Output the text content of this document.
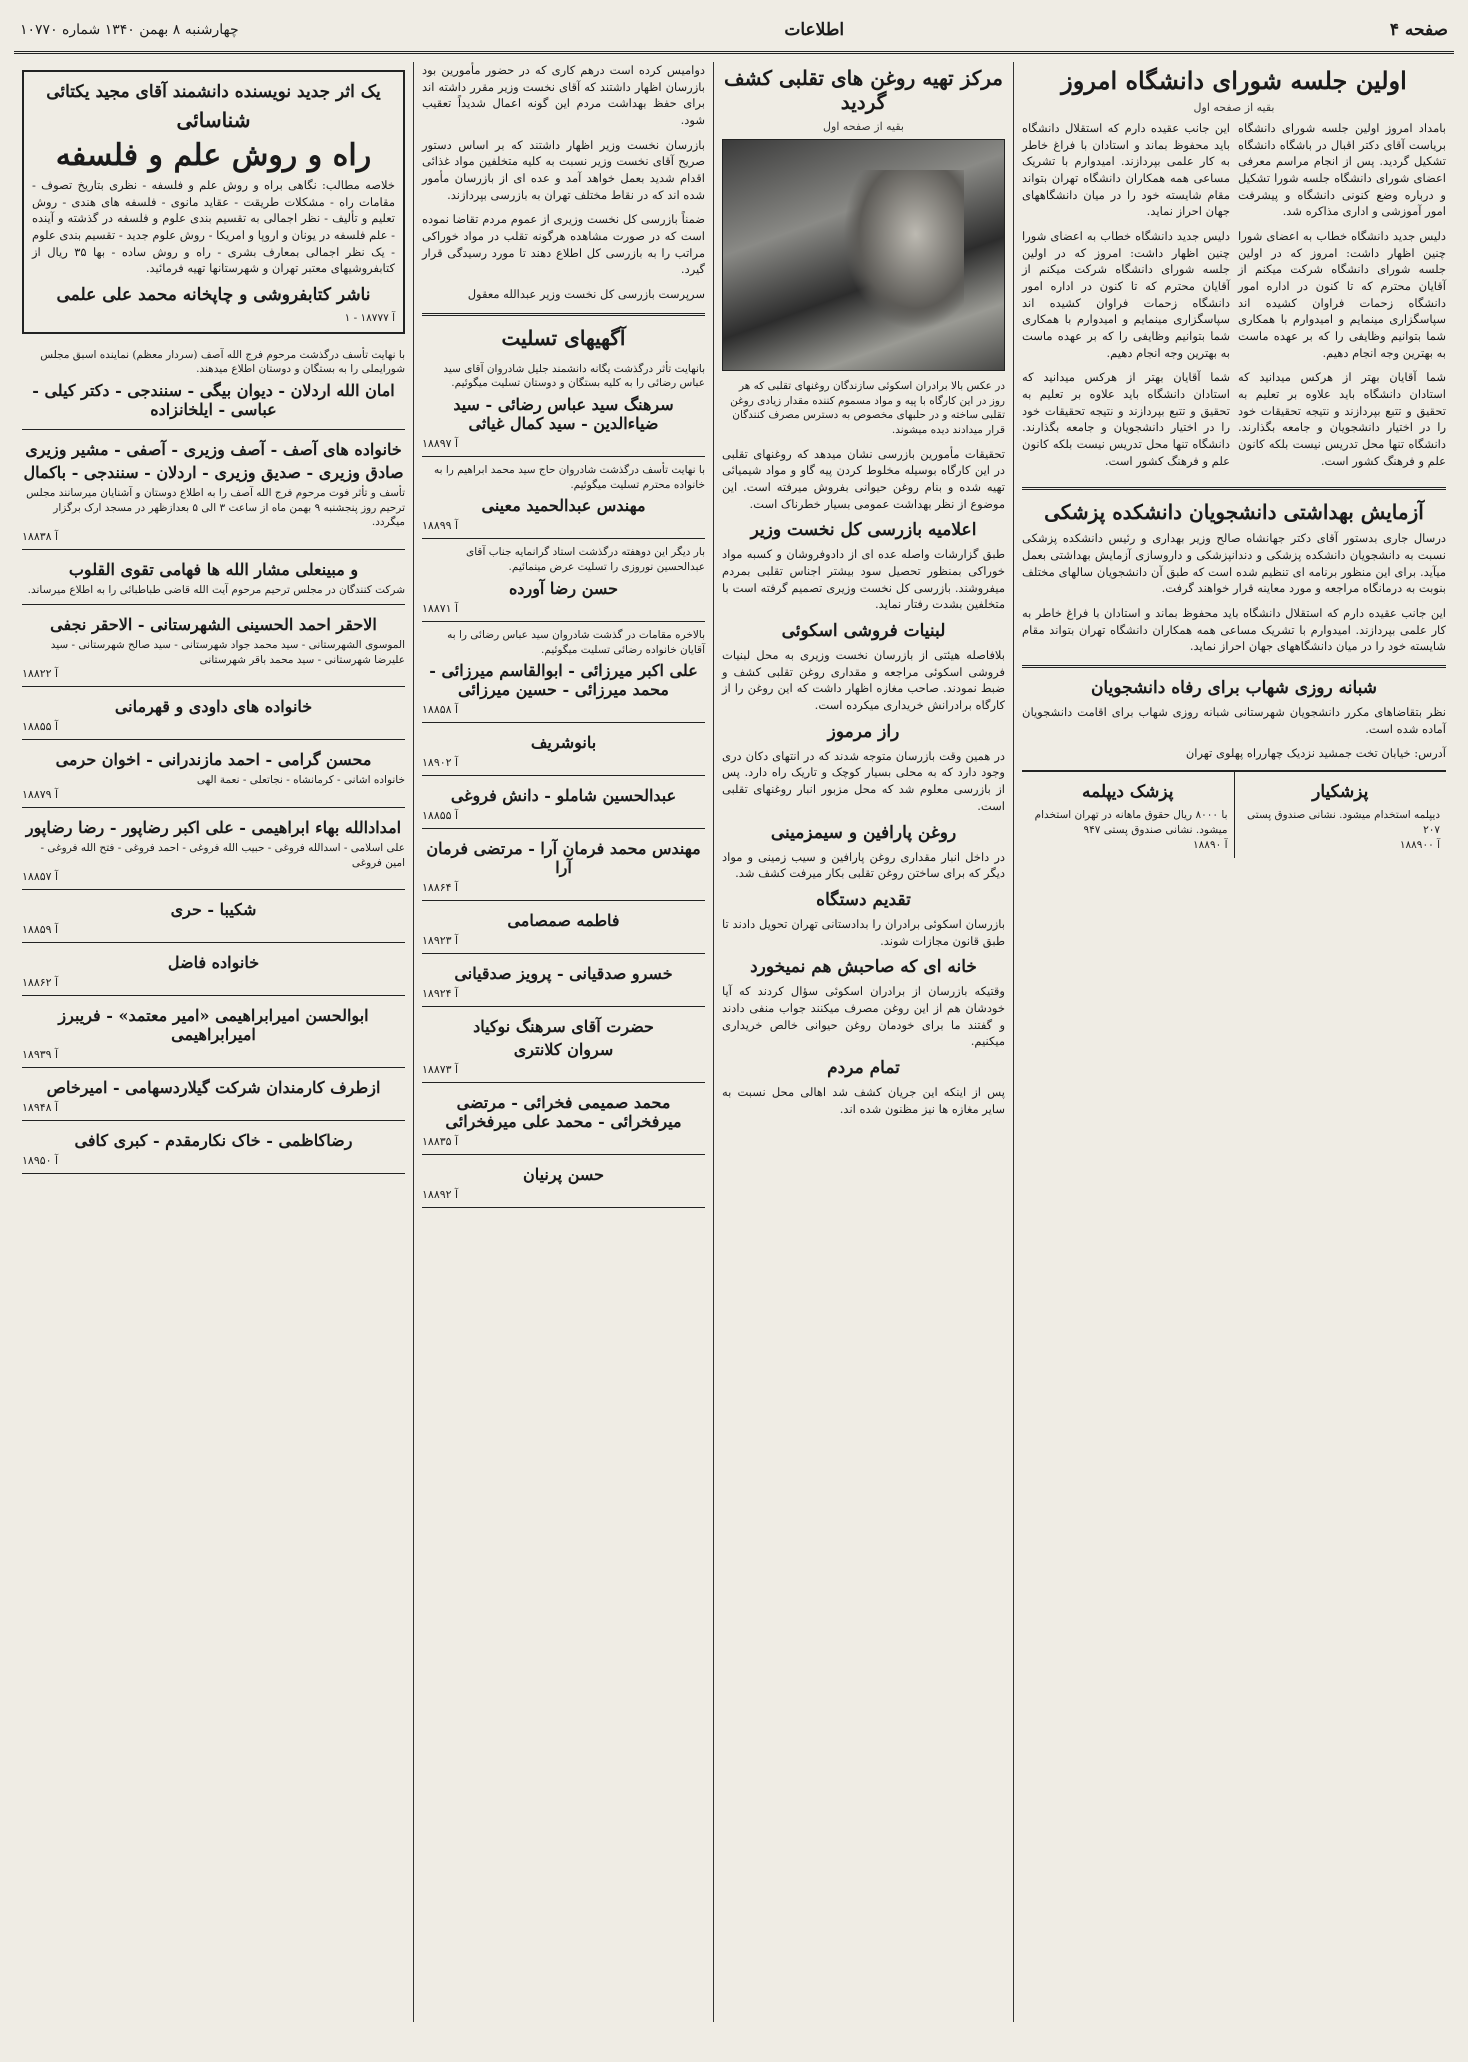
صفحه ۴
اطلاعات
چهارشنبه ۸ بهمن ۱۳۴۰ شماره ۱۰۷۷۰
اولین جلسه شورای دانشگاه امروز
بقیه از صفحه اول

بامداد امروز اولین جلسه شورای دانشگاه بریاست آقای دکتر اقبال در باشگاه دانشگاه تشکیل گردید. پس از انجام مراسم معرفی اعضای شورای دانشگاه جلسه شورا تشکیل و درباره وضع کنونی دانشگاه و پیشرفت امور آموزشی و اداری مذاکره شد.

دلیس جدید دانشگاه خطاب به اعضای شورا چنین اظهار داشت: امروز که در اولین جلسه شورای دانشگاه شرکت میکنم از آقایان محترم که تا کنون در اداره امور دانشگاه زحمات فراوان کشیده اند سپاسگزاری مینمایم و امیدوارم با همکاری شما بتوانیم وظایفی را که بر عهده ماست به بهترین وجه انجام دهیم.

شما آقایان بهتر از هرکس میدانید که استادان دانشگاه باید علاوه بر تعلیم به تحقیق و تتبع بپردازند و نتیجه تحقیقات خود را در اختیار دانشجویان و جامعه بگذارند. دانشگاه تنها محل تدریس نیست بلکه کانون علم و فرهنگ کشور است.

این جانب عقیده دارم که استقلال دانشگاه باید محفوظ بماند و استادان با فراغ خاطر به کار علمی بپردازند. امیدوارم با تشریک مساعی همه همکاران دانشگاه تهران بتواند مقام شایسته خود را در میان دانشگاههای جهان احراز نماید.

دلیس جدید دانشگاه خطاب به اعضای شورا چنین اظهار داشت: امروز که در اولین جلسه شورای دانشگاه شرکت میکنم از آقایان محترم که تا کنون در اداره امور دانشگاه زحمات فراوان کشیده اند سپاسگزاری مینمایم و امیدوارم با همکاری شما بتوانیم وظایفی را که بر عهده ماست به بهترین وجه انجام دهیم.

شما آقایان بهتر از هرکس میدانید که استادان دانشگاه باید علاوه بر تعلیم به تحقیق و تتبع بپردازند و نتیجه تحقیقات خود را در اختیار دانشجویان و جامعه بگذارند. دانشگاه تنها محل تدریس نیست بلکه کانون علم و فرهنگ کشور است.

آزمایش بهداشتی دانشجویان دانشکده پزشکی

درسال جاری بدستور آقای دکتر جهانشاه صالح وزیر بهداری و رئیس دانشکده پزشکی نسبت به دانشجویان دانشکده پزشکی و دندانپزشکی و داروسازی آزمایش بهداشتی بعمل میآید. برای این منظور برنامه ای تنظیم شده است که طبق آن دانشجویان سالهای مختلف بنوبت به درمانگاه مراجعه و مورد معاینه قرار خواهند گرفت.

این جانب عقیده دارم که استقلال دانشگاه باید محفوظ بماند و استادان با فراغ خاطر به کار علمی بپردازند. امیدوارم با تشریک مساعی همه همکاران دانشگاه تهران بتواند مقام شایسته خود را در میان دانشگاههای جهان احراز نماید.

شبانه روزی شهاب برای رفاه دانشجویان

نظر بتقاضاهای مکرر دانشجویان شهرستانی شبانه روزی شهاب برای اقامت دانشجویان آماده شده است.

آدرس: خیابان تخت جمشید نزدیک چهارراه پهلوی تهران

پزشکیار
دیپلمه استخدام میشود. نشانی صندوق پستی ۲۰۷
آ ۱۸۸۹۰۰
پزشک دیپلمه
با ۸۰۰۰ ریال حقوق ماهانه در تهران استخدام میشود. نشانی صندوق پستی ۹۴۷
آ ۱۸۸۹۰
مرکز تهیه روغن های تقلبی کشف گردید
بقیه از صفحه اول
در عکس بالا برادران اسکوئی سازندگان روغنهای تقلبی که هر روز در این کارگاه با پیه و مواد مسموم کننده مقدار زیادی روغن تقلبی ساخته و در حلبهای مخصوص به دسترس مصرف کنندگان قرار میدادند دیده میشوند.

تحقیقات مأمورین بازرسی نشان میدهد که روغنهای تقلبی در این کارگاه بوسیله مخلوط کردن پیه گاو و مواد شیمیائی تهیه شده و بنام روغن حیوانی بفروش میرفته است. این موضوع از نظر بهداشت عمومی بسیار خطرناک است.

اعلامیه بازرسی کل نخست وزیر

طبق گزارشات واصله عده ای از دادوفروشان و کسبه مواد خوراکی بمنظور تحصیل سود بیشتر اجناس تقلبی بمردم میفروشند. بازرسی کل نخست وزیری تصمیم گرفته است با متخلفین بشدت رفتار نماید.

لبنیات فروشی اسکوئی

بلافاصله هیئتی از بازرسان نخست وزیری به محل لبنیات فروشی اسکوئی مراجعه و مقداری روغن تقلبی کشف و ضبط نمودند. صاحب مغازه اظهار داشت که این روغن را از کارگاه برادرانش خریداری میکرده است.

راز مرموز

در همین وقت بازرسان متوجه شدند که در انتهای دکان دری وجود دارد که به محلی بسیار کوچک و تاریک راه دارد. پس از بازرسی معلوم شد که محل مزبور انبار روغنهای تقلبی است.

روغن پارافین و سیمزمینی

در داخل انبار مقداری روغن پارافین و سیب زمینی و مواد دیگر که برای ساختن روغن تقلبی بکار میرفت کشف شد.

تقدیم دستگاه

بازرسان اسکوئی برادران را بدادستانی تهران تحویل دادند تا طبق قانون مجازات شوند.

خانه ای که صاحبش هم نمیخورد

وقتیکه بازرسان از برادران اسکوئی سؤال کردند که آیا خودشان هم از این روغن مصرف میکنند جواب منفی دادند و گفتند ما برای خودمان روغن حیوانی خالص خریداری میکنیم.

تمام مردم

پس از اینکه این جریان کشف شد اهالی محل نسبت به سایر مغازه ها نیز مظنون شده اند.

دوامیس کرده است درهم کاری که در حضور مأمورین بود بازرسان اظهار داشتند که آقای نخست وزیر مقرر داشته اند برای حفظ بهداشت مردم این گونه اعمال شدیداً تعقیب شود.

بازرسان نخست وزیر اظهار داشتند که بر اساس دستور صریح آقای نخست وزیر نسبت به کلیه متخلفین مواد غذائی اقدام شدید بعمل خواهد آمد و عده ای از بازرسان مأمور شده اند که در نقاط مختلف تهران به بازرسی بپردازند.

ضمناً بازرسی کل نخست وزیری از عموم مردم تقاضا نموده است که در صورت مشاهده هرگونه تقلب در مواد خوراکی مراتب را به بازرسی کل اطلاع دهند تا مورد رسیدگی قرار گیرد.

سرپرست بازرسی کل نخست وزیر عبدالله معقول

آگهیهای تسلیت
بانهایت تأثر درگذشت یگانه دانشمند جلیل شادروان آقای سید عباس رضائی را به کلیه بستگان و دوستان تسلیت میگوئیم.
سرهنگ سید عباس رضائی - سید ضیاءالدین - سید کمال غیاثی
آ ۱۸۸۹۷
با نهایت تأسف درگذشت شادروان حاج سید محمد ابراهیم را به خانواده محترم تسلیت میگوئیم.
مهندس عبدالحمید معینی
آ ۱۸۸۹۹
بار دیگر این دوهفته درگذشت استاد گرانمایه جناب آقای عبدالحسین نوروزی را تسلیت عرض مینمائیم.
حسن رضا آورده
آ ۱۸۸۷۱
بالاخره مقامات در گذشت شادروان سید عباس رضائی را به آقایان خانواده رضائی تسلیت میگوئیم.
علی اکبر میرزائی - ابوالقاسم میرزائی - محمد میرزائی - حسین میرزائی
آ ۱۸۸۵۸
بانوشریف
آ ۱۸۹۰۲
عبدالحسین شاملو - دانش فروغی
آ ۱۸۸۵۵
مهندس محمد فرمان آرا - مرتضی فرمان آرا
آ ۱۸۸۶۴
فاطمه صمصامی
آ ۱۸۹۲۳
خسرو صدقیانی - پرویز صدقیانی
آ ۱۸۹۲۴
حضرت آقای سرهنگ نوکیاد
سروان کلانتری
آ ۱۸۸۷۳
محمد صمیمی فخرائی - مرتضی میرفخرائی - محمد علی میرفخرائی
آ ۱۸۸۳۵
حسن پرنیان
آ ۱۸۸۹۲
یک اثر جدید نویسنده دانشمند آقای مجید یکتائی
شناسائی
راه و روش علم و فلسفه

خلاصه مطالب: نگاهی براه و روش علم و فلسفه - نظری بتاریخ تصوف - مقامات راه - مشکلات طریقت - عقاید مانوی - فلسفه های هندی - روش تعلیم و تألیف - نظر اجمالی به تقسیم بندی علوم و فلسفه در گذشته و آینده - علم فلسفه در یونان و اروپا و امریکا - روش علوم جدید - تقسیم بندی علوم - یک نظر اجمالی بمعارف بشری - راه و روش ساده - بها ۳۵ ریال از کتابفروشیهای معتبر تهران و شهرستانها تهیه فرمائید.

ناشر کتابفروشی و چاپخانه محمد علی علمی
آ ۱۸۷۷۷ - ۱
با نهایت تأسف درگذشت مرحوم فرج الله آصف (سردار معظم) نماینده اسبق مجلس شورایملی را به بستگان و دوستان اطلاع میدهند.
امان الله اردلان - دیوان بیگی - سنندجی - دکتر کیلی - عباسی - ایلخانزاده
خانواده های آصف - آصف وزیری - آصفی - مشیر وزیری
صادق وزیری - صدیق وزیری - اردلان - سنندجی - باکمال
تأسف و تأثر فوت مرحوم فرج الله آصف را به اطلاع دوستان و آشنایان میرسانند مجلس ترحیم روز پنجشنبه ۹ بهمن ماه از ساعت ۳ الی ۵ بعدازظهر در مسجد ارک برگزار میگردد.
آ ۱۸۸۳۸
و مبینعلی مشار الله ها فهامی تقوی القلوب
شرکت کنندگان در مجلس ترحیم مرحوم آیت الله قاضی طباطبائی را به اطلاع میرساند.
الاحقر احمد الحسینی الشهرستانی - الاحقر نجفی
الموسوی الشهرستانی - سید محمد جواد شهرستانی - سید صالح شهرستانی - سید علیرضا شهرستانی - سید محمد باقر شهرستانی
آ ۱۸۸۲۲
خانواده های داودی و قهرمانی
آ ۱۸۸۵۵
محسن گرامی - احمد مازندرانی - اخوان حرمی
خانواده اشانی - کرمانشاه - نجاتعلی - نعمة الهی
آ ۱۸۸۷۹
امدادالله بهاء ابراهیمی - علی اکبر رضاپور - رضا رضاپور
علی اسلامی - اسدالله فروغی - حبیب الله فروغی - احمد فروغی - فتح الله فروغی - امین فروغی
آ ۱۸۸۵۷
شکیبا - حری
آ ۱۸۸۵۹
خانواده فاضل
آ ۱۸۸۶۲
ابوالحسن امیرابراهیمی «امیر معتمد» - فریبرز امیرابراهیمی
آ ۱۸۹۳۹
ازطرف کارمندان شرکت گیلاردسهامی - امیرخاص
آ ۱۸۹۴۸
رضاکاظمی - خاک نکارمقدم - کبری کافی
آ ۱۸۹۵۰
